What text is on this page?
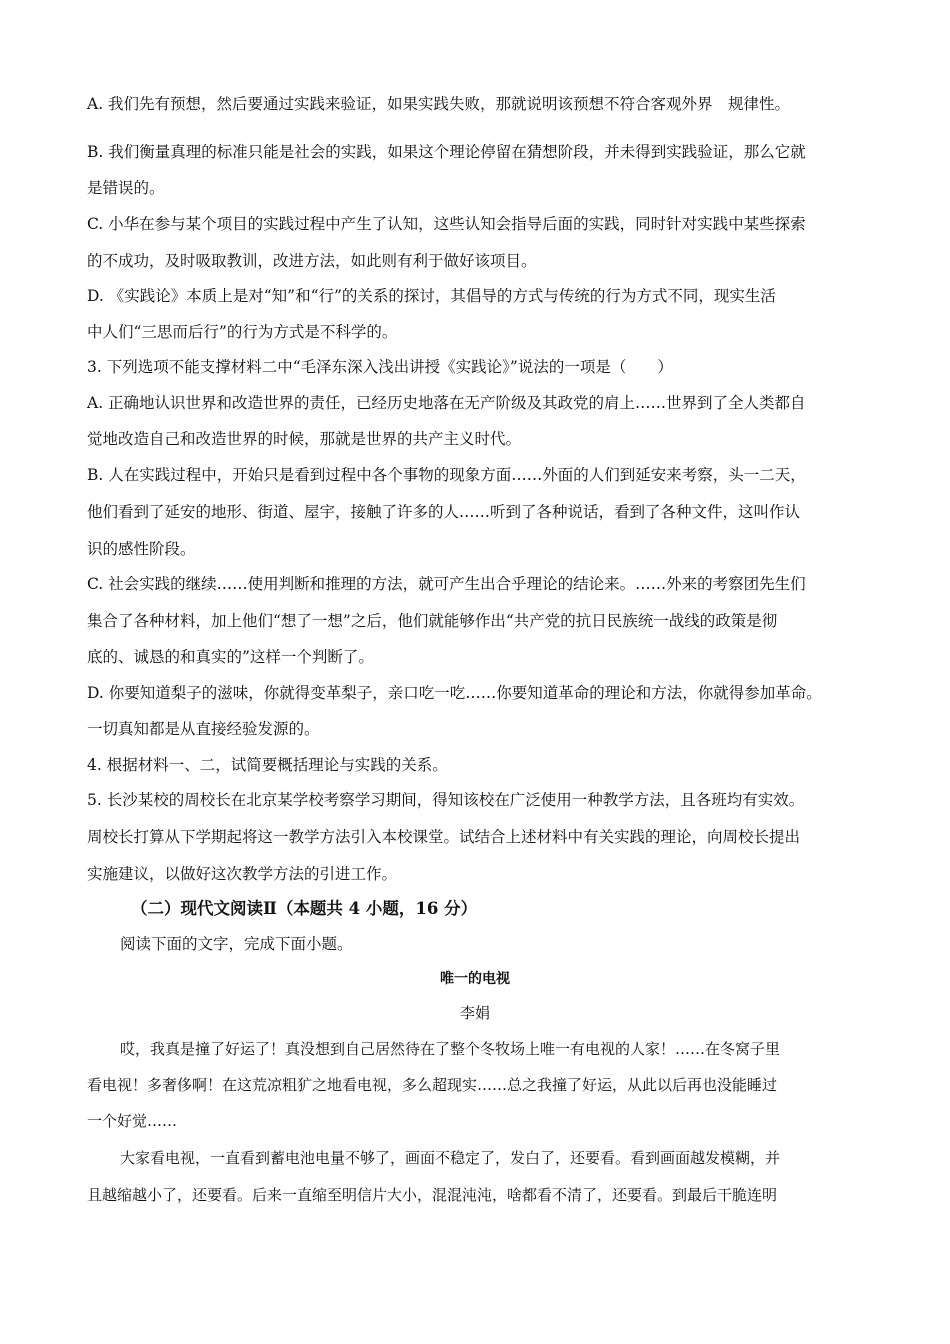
A. 我们先有预想，然后要通过实践来验证，如果实践失败，那就说明该预想不符合客观外界　规律性。
B. 我们衡量真理的标准只能是社会的实践，如果这个理论停留在猜想阶段，并未得到实践验证，那么它就
是错误的。
C. 小华在参与某个项目的实践过程中产生了认知，这些认知会指导后面的实践，同时针对实践中某些探索
的不成功，及时吸取教训，改进方法，如此则有利于做好该项目。
D. 《实践论》本质上是对“知”和“行”的关系的探讨，其倡导的方式与传统的行为方式不同，现实生活
中人们“三思而后行”的行为方式是不科学的。
3. 下列选项不能支撑材料二中“毛泽东深入浅出讲授《实践论》”说法的一项是（　　）
A. 正确地认识世界和改造世界的责任，已经历史地落在无产阶级及其政党的肩上……世界到了全人类都自
觉地改造自己和改造世界的时候，那就是世界的共产主义时代。
B. 人在实践过程中，开始只是看到过程中各个事物的现象方面……外面的人们到延安来考察，头一二天，
他们看到了延安的地形、街道、屋宇，接触了许多的人……听到了各种说话，看到了各种文件，这叫作认
识的感性阶段。
C. 社会实践的继续……使用判断和推理的方法，就可产生出合乎理论的结论来。……外来的考察团先生们
集合了各种材料，加上他们“想了一想”之后，他们就能够作出“共产党的抗日民族统一战线的政策是彻
底的、诚恳的和真实的”这样一个判断了。
D. 你要知道梨子的滋味，你就得变革梨子，亲口吃一吃……你要知道革命的理论和方法，你就得参加革命。
一切真知都是从直接经验发源的。
4. 根据材料一、二，试简要概括理论与实践的关系。
5. 长沙某校的周校长在北京某学校考察学习期间，得知该校在广泛使用一种教学方法，且各班均有实效。
周校长打算从下学期起将这一教学方法引入本校课堂。试结合上述材料中有关实践的理论，向周校长提出
实施建议，以做好这次教学方法的引进工作。
（二）现代文阅读Ⅱ（本题共 4 小题，16 分）
阅读下面的文字，完成下面小题。
唯一的电视
李娟
哎，我真是撞了好运了！真没想到自己居然待在了整个冬牧场上唯一有电视的人家！……在冬窝子里
看电视！多奢侈啊！在这荒凉粗犷之地看电视，多么超现实……总之我撞了好运，从此以后再也没能睡过
一个好觉……
大家看电视，一直看到蓄电池电量不够了，画面不稳定了，发白了，还要看。看到画面越发模糊，并
且越缩越小了，还要看。后来一直缩至明信片大小，混混沌沌，啥都看不清了，还要看。到最后干脆连明
